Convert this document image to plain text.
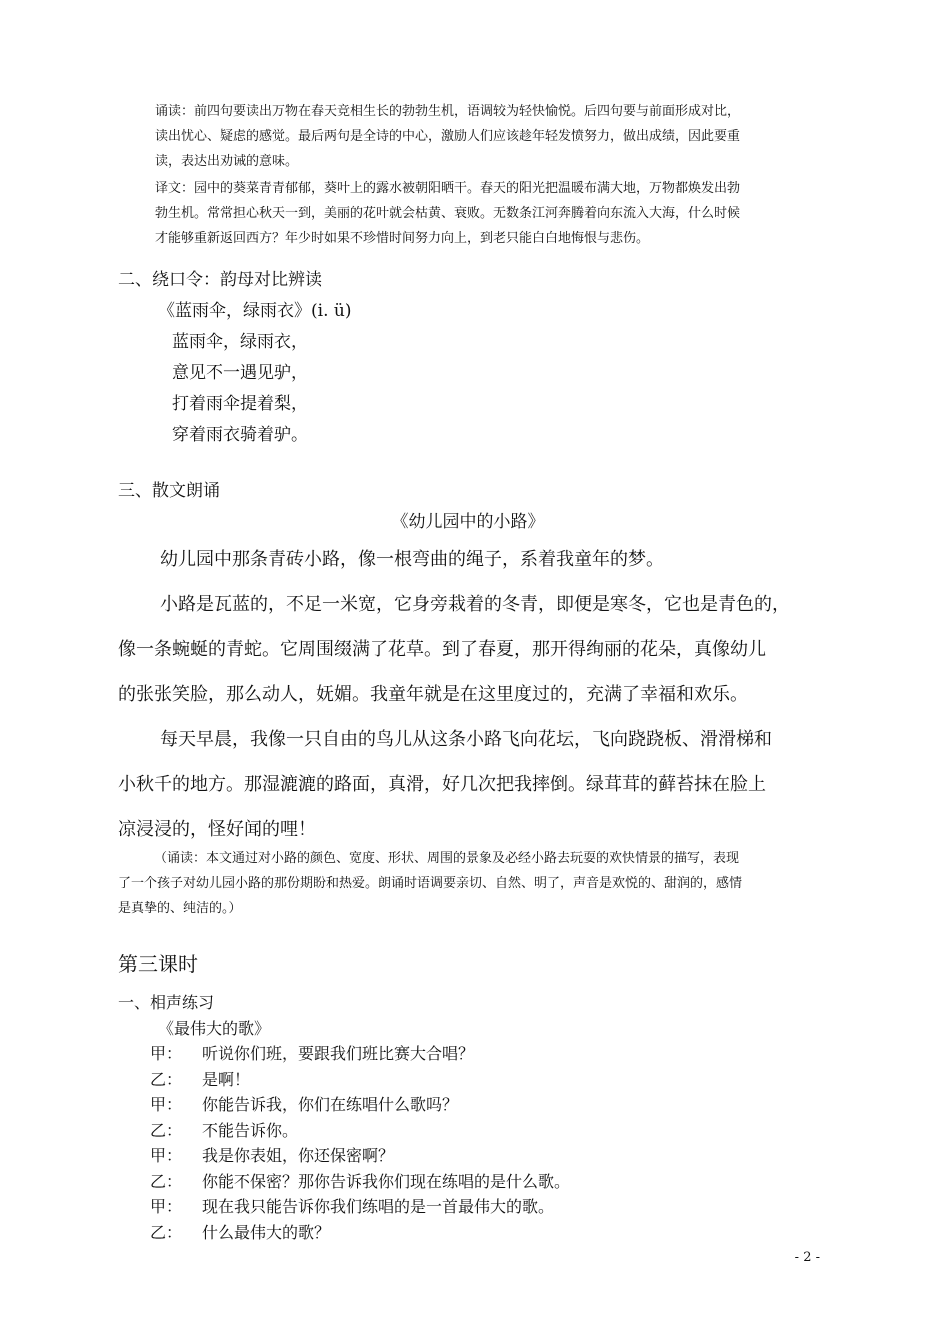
诵读：前四句要读出万物在春天竞相生长的勃勃生机，语调较为轻快愉悦。后四句要与前面形成对比，

读出忧心、疑虑的感觉。最后两句是全诗的中心，激励人们应该趁年轻发愤努力，做出成绩，因此要重

读，表达出劝诫的意味。

译文：园中的葵菜青青郁郁，葵叶上的露水被朝阳晒干。春天的阳光把温暖布满大地，万物都焕发出勃

勃生机。常常担心秋天一到，美丽的花叶就会枯黄、衰败。无数条江河奔腾着向东流入大海，什么时候

才能够重新返回西方？年少时如果不珍惜时间努力向上，到老只能白白地悔恨与悲伤。

二、绕口令：韵母对比辨读

《蓝雨伞，绿雨衣》(i. ü)

蓝雨伞，绿雨衣，

意见不一遇见驴，

打着雨伞提着梨，

穿着雨衣骑着驴。

三、散文朗诵

《幼儿园中的小路》

幼儿园中那条青砖小路，像一根弯曲的绳子，系着我童年的梦。

小路是瓦蓝的，不足一米宽，它身旁栽着的冬青，即便是寒冬，它也是青色的，

像一条蜿蜒的青蛇。它周围缀满了花草。到了春夏，那开得绚丽的花朵，真像幼儿

的张张笑脸，那么动人，妩媚。我童年就是在这里度过的，充满了幸福和欢乐。

每天早晨，我像一只自由的鸟儿从这条小路飞向花坛，飞向跷跷板、滑滑梯和

小秋千的地方。那湿漉漉的路面，真滑，好几次把我摔倒。绿茸茸的藓苔抹在脸上

凉浸浸的，怪好闻的哩！

（诵读：本文通过对小路的颜色、宽度、形状、周围的景象及必经小路去玩耍的欢快情景的描写，表现

了一个孩子对幼儿园小路的那份期盼和热爱。朗诵时语调要亲切、自然、明了，声音是欢悦的、甜润的，感情

是真挚的、纯洁的。）

第三课时

一、相声练习

《最伟大的歌》

甲：	听说你们班，要跟我们班比赛大合唱？
乙：	是啊！
甲：	你能告诉我，你们在练唱什么歌吗？
乙：	不能告诉你。
甲：	我是你表姐，你还保密啊？
乙：	你能不保密？那你告诉我你们现在练唱的是什么歌。
甲：	现在我只能告诉你我们练唱的是一首最伟大的歌。
乙：	什么最伟大的歌？
- 2 -
